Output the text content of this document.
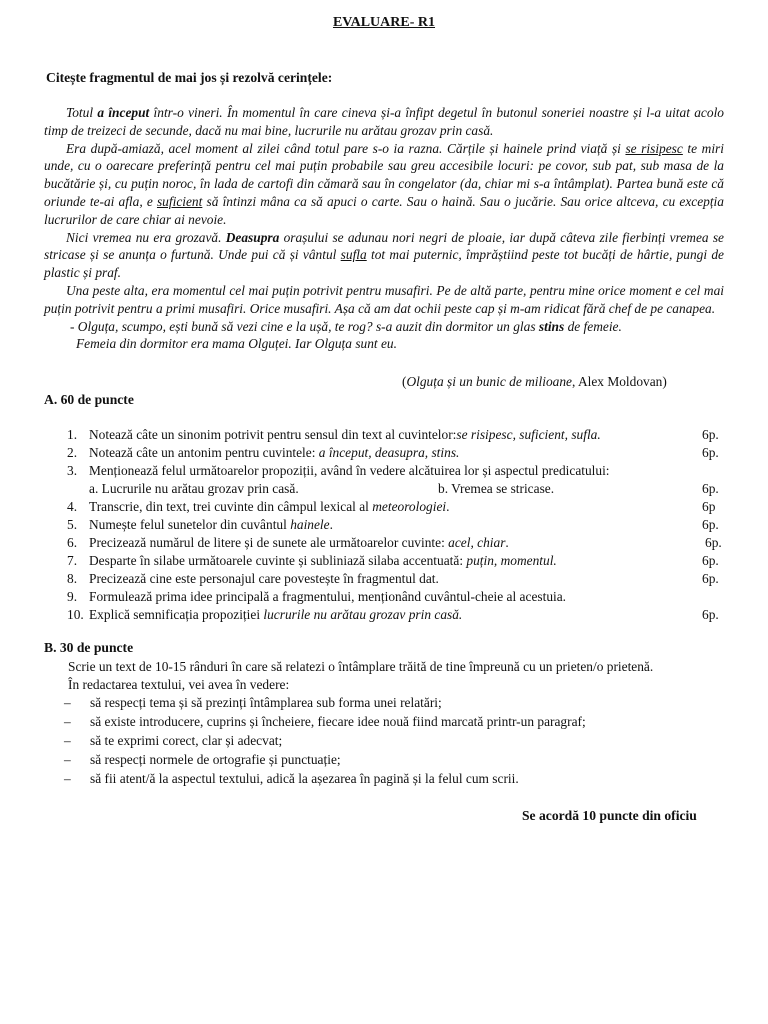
EVALUARE- R1
Citește fragmentul de mai jos și rezolvă cerințele:

Totul a început într-o vineri. În momentul în care cineva și-a înfipt degetul în butonul soneriei noastre și l-a uitat acolo timp de treizeci de secunde, dacă nu mai bine, lucrurile nu arătau grozav prin casă.

Era după-amiază, acel moment al zilei când totul pare s-o ia razna. Cărțile și hainele prind viață și se risipesc te miri unde, cu o oarecare preferință pentru cel mai puțin probabile sau greu accesibile locuri: pe covor, sub pat, sub masa de la bucătărie și, cu puțin noroc, în lada de cartofi din cămară sau în congelator (da, chiar mi s-a întâmplat). Partea bună este că oriunde te-ai afla, e suficient să întinzi mâna ca să apuci o carte. Sau o haină. Sau o jucărie. Sau orice altceva, cu excepția lucrurilor de care chiar ai nevoie.

Nici vremea nu era grozavă. Deasupra orașului se adunau nori negri de ploaie, iar după câteva zile fierbinți vremea se stricase și se anunța o furtună. Unde pui că și vântul sufla tot mai puternic, împrăștiind peste tot bucăți de hârtie, pungi de plastic și praf.

Una peste alta, era momentul cel mai puțin potrivit pentru musafiri. Pe de altă parte, pentru mine orice moment e cel mai puțin potrivit pentru a primi musafiri. Orice musafiri. Așa că am dat ochii peste cap și m-am ridicat fără chef de pe canapea.

- Olguța, scumpo, ești bună să vezi cine e la ușă, te rog? s-a auzit din dormitor un glas stins de femeie.

Femeia din dormitor era mama Olguței. Iar Olguța sunt eu.

(Olguța și un bunic de milioane, Alex Moldovan)
A. 60 de puncte
1. Notează câte un sinonim potrivit pentru sensul din text al cuvintelor:se risipesc, suficient, sufla.	6p.
2. Notează câte un antonim pentru cuvintele: a început, deasupra, stins.	6p.
3. Menționează felul următoarelor propoziții, având în vedere alcătuirea lor și aspectul predicatului:
a. Lucrurile nu arătau grozav prin casă.	b. Vremea se stricase.	6p.
4. Transcrie, din text, trei cuvinte din câmpul lexical al meteorologiei.	6p
5. Numește felul sunetelor din cuvântul hainele.	6p.
6. Precizează numărul de litere și de sunete ale următoarelor cuvinte: acel, chiar.	6p.
7. Desparte în silabe următoarele cuvinte și subliniază silaba accentuată: puțin, momentul.	6p.
8. Precizează cine este personajul care povestește în fragmentul dat.	6p.
9. Formulează prima idee principală a fragmentului, menționând cuvântul-cheie al acestuia.
10. Explică semnificația propoziției lucrurile nu arătau grozav prin casă.	6p.
B. 30 de puncte
Scrie un text de 10-15 rânduri în care să relatezi o întâmplare trăită de tine împreună cu un prieten/o prietenă.
În redactarea textului, vei avea în vedere:
– să respecți tema și să prezinți întâmplarea sub forma unei relatări;
– să existe introducere, cuprins și încheiere, fiecare idee nouă fiind marcată printr-un paragraf;
– să te exprimi corect, clar și adecvat;
– să respecți normele de ortografie și punctuație;
– să fii atent/ă la aspectul textului, adică la așezarea în pagină și la felul cum scrii.
Se acordă 10 puncte din oficiu
